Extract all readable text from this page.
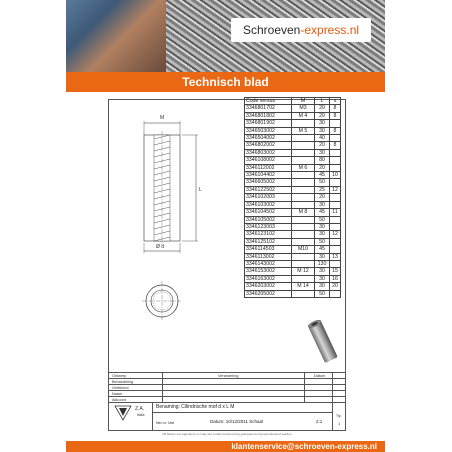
Schroeven -express.nl
Technisch blad
M
L
Ø d
Code versus	M	L	s
3346801702	M3	20	8
3346801802	M 4	20	8
3346801902		30	
3346503002	M 5	30	8
3346504002		40	
3346802002		20	8
3346803002		30	
3346108002		80	
3346112002	M 6	20	
3346104402		45	10
3346605002		50	
3346122502		25	12
3346102003		20	
3346103002		30	
3346104502	M 8	45	11
3346105002		50	
3346123003		30	
3346123102		30	12
3346125102		50	
3346114503	M10	45	
3346113002		30	13
3346143002		130	
3346153002	M 12	30	15
3346163002		30	16
3346203002	M 14	30	20
3346205002		50	
Ontwerp	Verandering	Datum
Behandeling
Getekend
Naam
Akkoord
Z.A.
Italia
Benaming: Cilindrische mof d x L M
Nen nr. Mat	Datum: 10/12/2011 Schaal	2:1
Tip
1
Dit blad is ons eigendom en mag niet zonder toestemming gekopieerd of gereproduceerd worden
klantenservice@schroeven-express.nl
